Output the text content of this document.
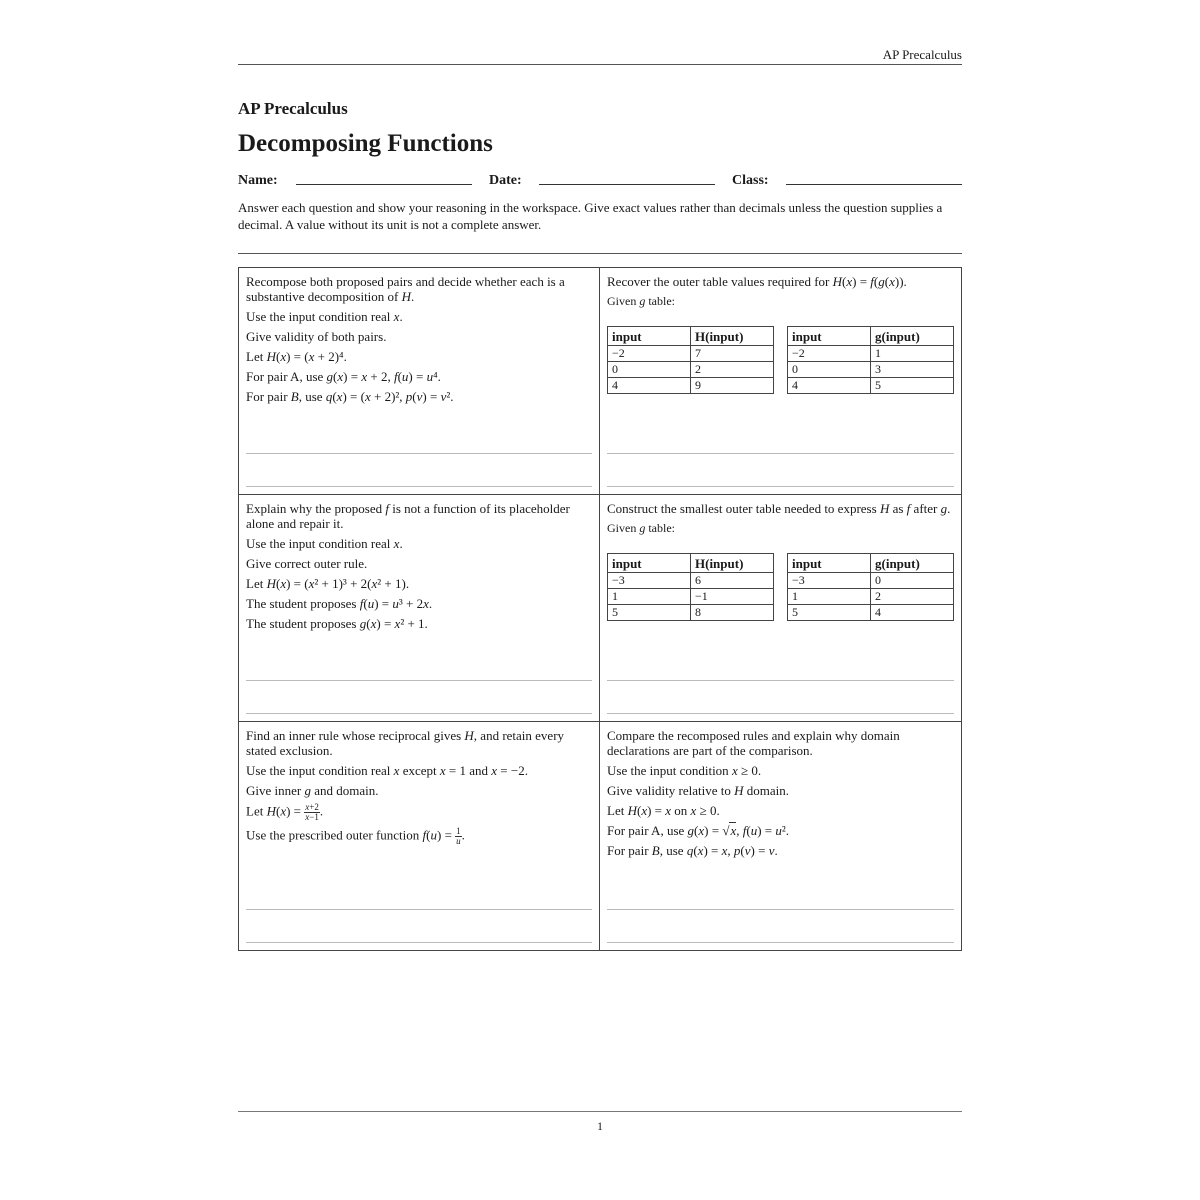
AP Precalculus
AP Precalculus
Decomposing Functions
Name:	Date:	Class:
Answer each question and show your reasoning in the workspace. Give exact values rather than decimals unless the question supplies a decimal. A value without its unit is not a complete answer.

Recompose both proposed pairs and decide whether each is a substantive decomposition of H.

Use the input condition real x.

Give validity of both pairs.

Let H(x) = (x + 2)⁴.

For pair A, use g(x) = x + 2, f(u) = u⁴.

For pair B, use q(x) = (x + 2)², p(v) = v².

Recover the outer table values required for H(x) = f(g(x)).

Given g table:

input	H(input)
−2	7
0	2
4	9
input	g(input)
−2	1
0	3
4	5

Explain why the proposed f is not a function of its placeholder alone and repair it.

Use the input condition real x.

Give correct outer rule.

Let H(x) = (x² + 1)³ + 2(x² + 1).

The student proposes f(u) = u³ + 2x.

The student proposes g(x) = x² + 1.

Construct the smallest outer table needed to express H as f after g.

Given g table:

input	H(input)
−3	6
1	−1
5	8
input	g(input)
−3	0
1	2
5	4

Find an inner rule whose reciprocal gives H, and retain every stated exclusion.

Use the input condition real x except x = 1 and x = −2.

Give inner g and domain.

Let $H(x) = \frac{x+2}{x-1}$ .

Use the prescribed outer function $f(u) = \frac{1}{u}$ .

Compare the recomposed rules and explain why domain declarations are part of the comparison.

Use the input condition x ≥ 0.

Give validity relative to H domain.

Let H(x) = x on x ≥ 0.

For pair A, use g(x) = √x, f(u) = u².

For pair B, use q(x) = x, p(v) = v.

1
